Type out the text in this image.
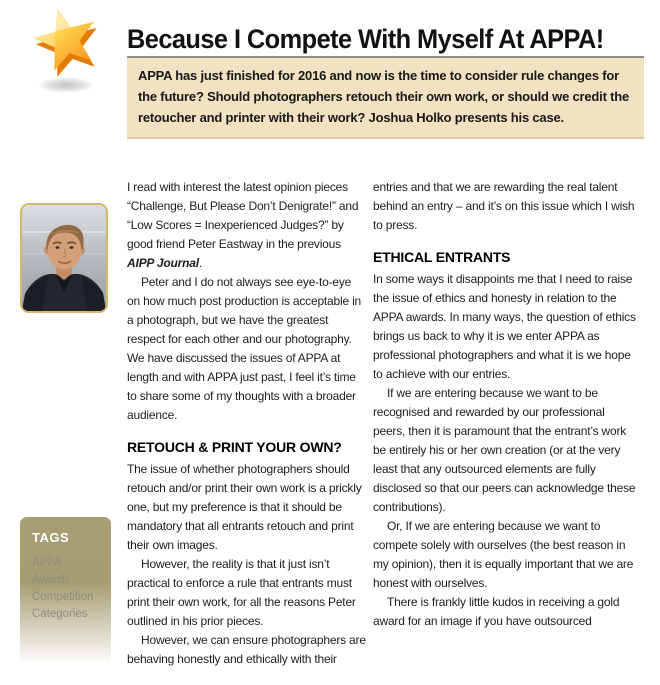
Because I Compete With Myself At APPA!
APPA has just finished for 2016 and now is the time to consider rule changes for the future? Should photographers retouch their own work, or should we credit the retoucher and printer with their work? Joshua Holko presents his case.

I read with interest the latest opinion pieces “Challenge, But Please Don’t Denigrate!” and “Low Scores = Inexperienced Judges?” by good friend Peter Eastway in the previous AIPP Journal.

Peter and I do not always see eye-to-eye on how much post production is acceptable in a photograph, but we have the greatest respect for each other and our photography. We have discussed the issues of APPA at length and with APPA just past, I feel it’s time to share some of my thoughts with a broader audience.

RETOUCH & PRINT YOUR OWN?

The issue of whether photographers should retouch and/or print their own work is a prickly one, but my preference is that it should be mandatory that all entrants retouch and print their own images.

However, the reality is that it just isn’t practical to enforce a rule that entrants must print their own work, for all the reasons Peter outlined in his prior pieces.

However, we can ensure photographers are behaving honestly and ethically with their

entries and that we are rewarding the real talent behind an entry – and it’s on this issue which I wish to press.

ETHICAL ENTRANTS

In some ways it disappoints me that I need to raise the issue of ethics and honesty in relation to the APPA awards. In many ways, the question of ethics brings us back to why it is we enter APPA as professional photographers and what it is we hope to achieve with our entries.

If we are entering because we want to be recognised and rewarded by our professional peers, then it is paramount that the entrant’s work be entirely his or her own creation (or at the very least that any outsourced elements are fully disclosed so that our peers can acknowledge these contributions).

Or, If we are entering because we want to compete solely with ourselves (the best reason in my opinion), then it is equally important that we are honest with ourselves.

There is frankly little kudos in receiving a gold award for an image if you have outsourced

TAGS
APPA
Awards
Competition
Categories
